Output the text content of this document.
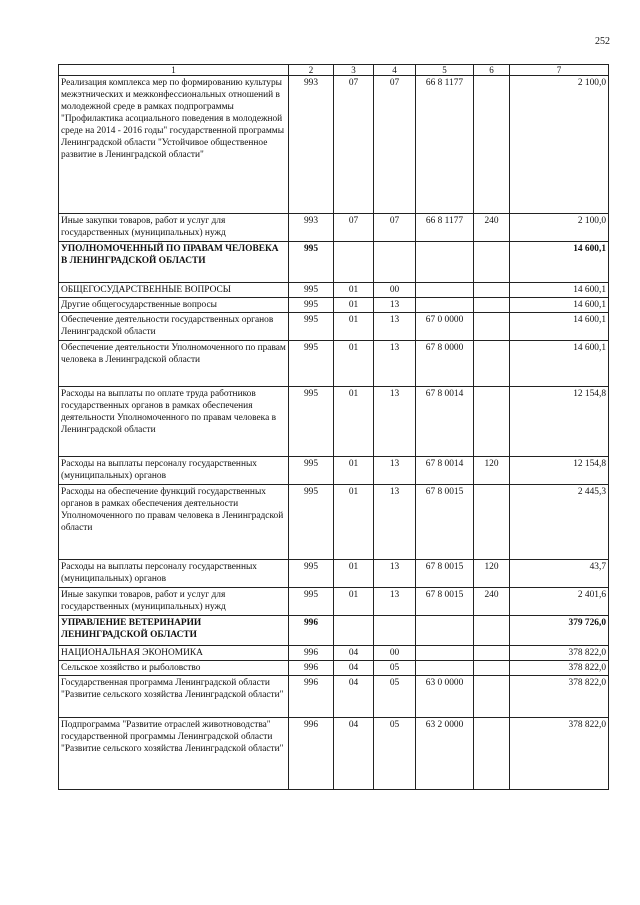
252
1	2	3	4	5	6	7
Реализация комплекса мер по формированию культуры межэтнических и межконфессиональных отношений в молодежной среде в рамках подпрограммы "Профилактика асоциального поведения в молодежной среде на 2014 - 2016 годы" государственной программы Ленинградской области "Устойчивое общественное развитие в Ленинградской области"	993	07	07	66 8 1177		2 100,0
Иные закупки товаров, работ и услуг для государственных (муниципальных) нужд	993	07	07	66 8 1177	240	2 100,0
УПОЛНОМОЧЕННЫЙ ПО ПРАВАМ ЧЕЛОВЕКА В ЛЕНИНГРАДСКОЙ ОБЛАСТИ	995					14 600,1
ОБЩЕГОСУДАРСТВЕННЫЕ ВОПРОСЫ	995	01	00			14 600,1
Другие общегосударственные вопросы	995	01	13			14 600,1
Обеспечение деятельности государственных органов Ленинградской области	995	01	13	67 0 0000		14 600,1
Обеспечение деятельности Уполномоченного по правам человека в Ленинградской области	995	01	13	67 8 0000		14 600,1
Расходы на выплаты по оплате труда работников государственных органов в рамках обеспечения деятельности Уполномоченного по правам человека в Ленинградской области	995	01	13	67 8 0014		12 154,8
Расходы на выплаты персоналу государственных (муниципальных) органов	995	01	13	67 8 0014	120	12 154,8
Расходы на обеспечение функций государственных органов в рамках обеспечения деятельности Уполномоченного по правам человека в Ленинградской области	995	01	13	67 8 0015		2 445,3
Расходы на выплаты персоналу государственных (муниципальных) органов	995	01	13	67 8 0015	120	43,7
Иные закупки товаров, работ и услуг для государственных (муниципальных) нужд	995	01	13	67 8 0015	240	2 401,6
УПРАВЛЕНИЕ ВЕТЕРИНАРИИ ЛЕНИНГРАДСКОЙ ОБЛАСТИ	996					379 726,0
НАЦИОНАЛЬНАЯ ЭКОНОМИКА	996	04	00			378 822,0
Сельское хозяйство и рыболовство	996	04	05			378 822,0
Государственная программа Ленинградской области "Развитие сельского хозяйства Ленинградской области"	996	04	05	63 0 0000		378 822,0
Подпрограмма "Развитие отраслей животноводства" государственной программы Ленинградской области "Развитие сельского хозяйства Ленинградской области"	996	04	05	63 2 0000		378 822,0
